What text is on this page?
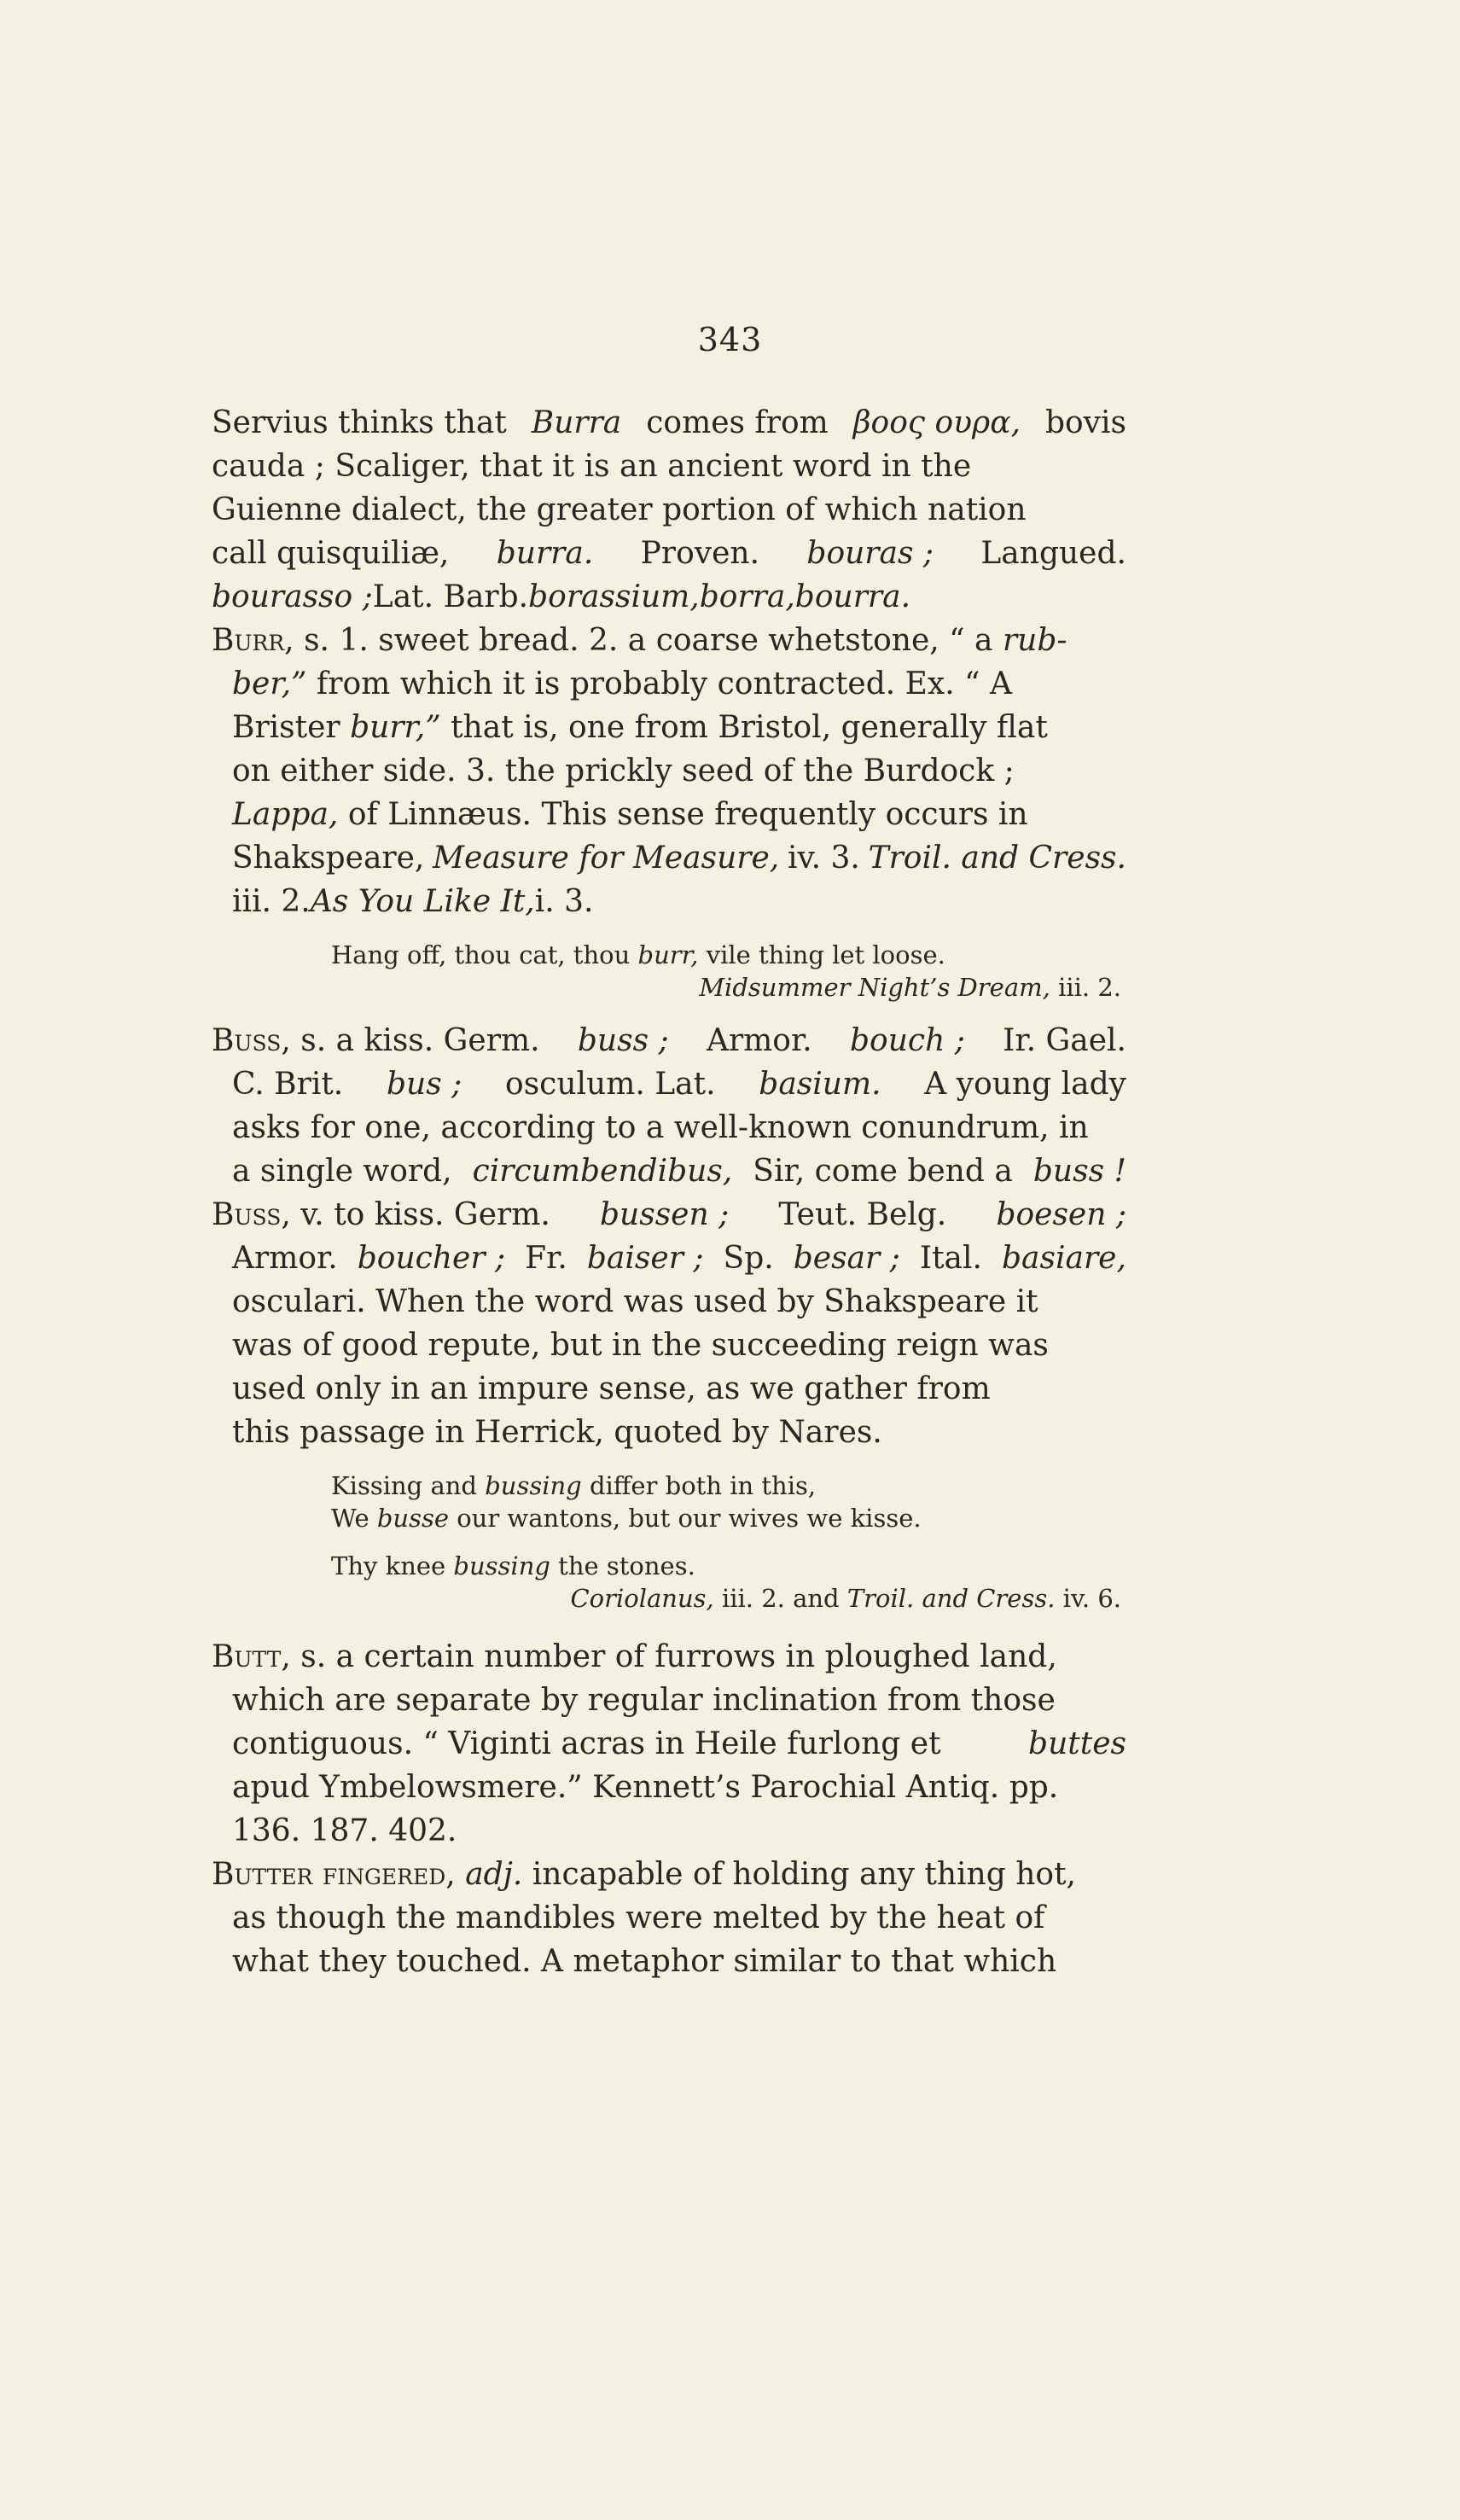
343
Servius thinks that Burra comes from βοος ουρα, bovis
cauda ; Scaliger, that it is an ancient word in the
Guienne dialect, the greater portion of which nation
call quisquiliæ, burra. Proven. bouras ; Langued.
bourasso ; Lat. Barb. borassium, borra, bourra.
Burr, s. 1. sweet bread. 2. a coarse whetstone, “ a rub-
ber,” from which it is probably contracted. Ex. “ A
Brister burr,” that is, one from Bristol, generally flat
on either side. 3. the prickly seed of the Burdock ;
Lappa, of Linnæus. This sense frequently occurs in
Shakspeare, Measure for Measure, iv. 3. Troil. and Cress.
iii. 2. As You Like It, i. 3.
Hang off, thou cat, thou burr, vile thing let loose.
Midsummer Night’s Dream, iii. 2.
Buss, s. a kiss. Germ. buss ; Armor. bouch ; Ir. Gael.
C. Brit. bus ; osculum. Lat. basium. A young lady
asks for one, according to a well-known conundrum, in
a single word, circumbendibus, Sir, come bend a buss !
Buss, v. to kiss. Germ. bussen ; Teut. Belg. boesen ;
Armor. boucher ; Fr. baiser ; Sp. besar ; Ital. basiare,
osculari. When the word was used by Shakspeare it
was of good repute, but in the succeeding reign was
used only in an impure sense, as we gather from
this passage in Herrick, quoted by Nares.
Kissing and bussing differ both in this,
We busse our wantons, but our wives we kisse.
Thy knee bussing the stones.
Coriolanus, iii. 2. and Troil. and Cress. iv. 6.
Butt, s. a certain number of furrows in ploughed land,
which are separate by regular inclination from those
contiguous. “ Viginti acras in Heile furlong et	buttes
apud Ymbelowsmere.” Kennett’s Parochial Antiq. pp.
136. 187. 402.
Butter fingered, adj. incapable of holding any thing hot,
as though the mandibles were melted by the heat of
what they touched. A metaphor similar to that which
